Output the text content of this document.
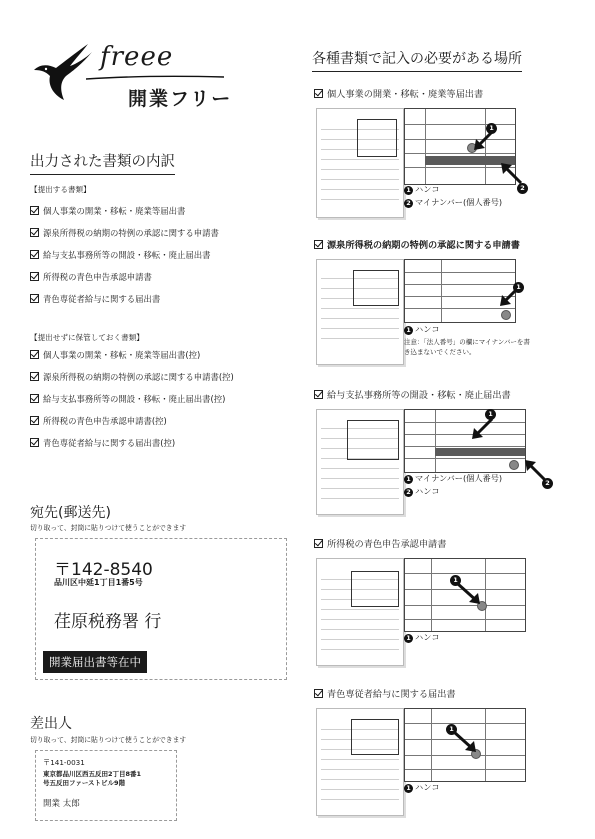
freee
開業フリー
出力された書類の内訳
【提出する書類】
個人事業の開業・移転・廃業等届出書
源泉所得税の納期の特例の承認に関する申請書
給与支払事務所等の開設・移転・廃止届出書
所得税の青色申告承認申請書
青色専従者給与に関する届出書
【提出せずに保管しておく書類】
個人事業の開業・移転・廃業等届出書(控)
源泉所得税の納期の特例の承認に関する申請書(控)
給与支払事務所等の開設・移転・廃止届出書(控)
所得税の青色申告承認申請書(控)
青色専従者給与に関する届出書(控)
宛先(郵送先)
切り取って、封筒に貼りつけて使うことができます
〒142-8540
品川区中延1丁目1番5号
荏原税務署 行
開業届出書等在中
差出人
切り取って、封筒に貼りつけて使うことができます
〒141-0031
東京都品川区西五反田2丁目8番1
号五反田ファーストビル9階
開業 太郎
各種書類で記入の必要がある場所
個人事業の開業・移転・廃業等届出書
1
2
1 ハンコ
2 マイナンバー(個人番号)
源泉所得税の納期の特例の承認に関する申請書
1
1 ハンコ
注意：「法人番号」の欄にマイナンバーを書
き込まないでください。
給与支払事務所等の開設・移転・廃止届出書
1
2
1 マイナンバー(個人番号)
2 ハンコ
所得税の青色申告承認申請書
1
1 ハンコ
青色専従者給与に関する届出書
1
1 ハンコ
